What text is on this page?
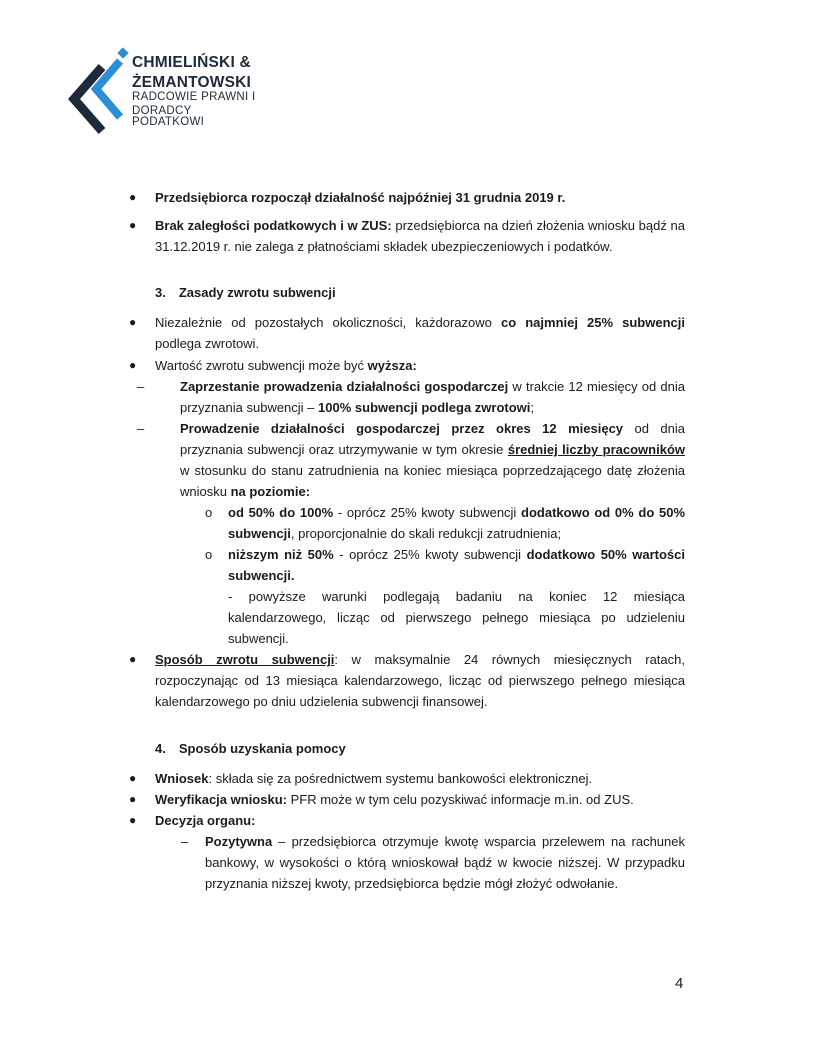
CHMIELIŃSKI &
ŻEMANTOWSKI
RADCOWIE PRAWNI I
DORADCY PODATKOWI
● Przedsiębiorca rozpoczął działalność najpóźniej 31 grudnia 2019 r.
● Brak zaległości podatkowych i w ZUS: przedsiębiorca na dzień złożenia wniosku bądź na 31.12.2019 r. nie zalega z płatnościami składek ubezpieczeniowych i podatków.
3. Zasady zwrotu subwencji
● Niezależnie od pozostałych okoliczności, każdorazowo co najmniej 25% subwencji podlega zwrotowi.
● Wartość zwrotu subwencji może być wyższa:
–	Zaprzestanie prowadzenia działalności gospodarczej w trakcie 12 miesięcy od dnia przyznania subwencji – 100% subwencji podlega zwrotowi;
–	Prowadzenie działalności gospodarczej przez okres 12 miesięcy od dnia przyznania subwencji oraz utrzymywanie w tym okresie średniej liczby pracowników w stosunku do stanu zatrudnienia na koniec miesiąca poprzedzającego datę złożenia wniosku na poziomie:
o od 50% do 100% - oprócz 25% kwoty subwencji dodatkowo od 0% do 50% subwencji, proporcjonalnie do skali redukcji zatrudnienia;
o niższym niż 50% - oprócz 25% kwoty subwencji dodatkowo 50% wartości subwencji.
- powyższe warunki podlegają badaniu na koniec 12 miesiąca kalendarzowego, licząc od pierwszego pełnego miesiąca po udzieleniu subwencji.
● Sposób zwrotu subwencji: w maksymalnie 24 równych miesięcznych ratach, rozpoczynając od 13 miesiąca kalendarzowego, licząc od pierwszego pełnego miesiąca kalendarzowego po dniu udzielenia subwencji finansowej.
4. Sposób uzyskania pomocy
● Wniosek: składa się za pośrednictwem systemu bankowości elektronicznej.
● Weryfikacja wniosku: PFR może w tym celu pozyskiwać informacje m.in. od ZUS.
● Decyzja organu:
– Pozytywna – przedsiębiorca otrzymuje kwotę wsparcia przelewem na rachunek bankowy, w wysokości o którą wnioskował bądź w kwocie niższej. W przypadku przyznania niższej kwoty, przedsiębiorca będzie mógł złożyć odwołanie.
4
